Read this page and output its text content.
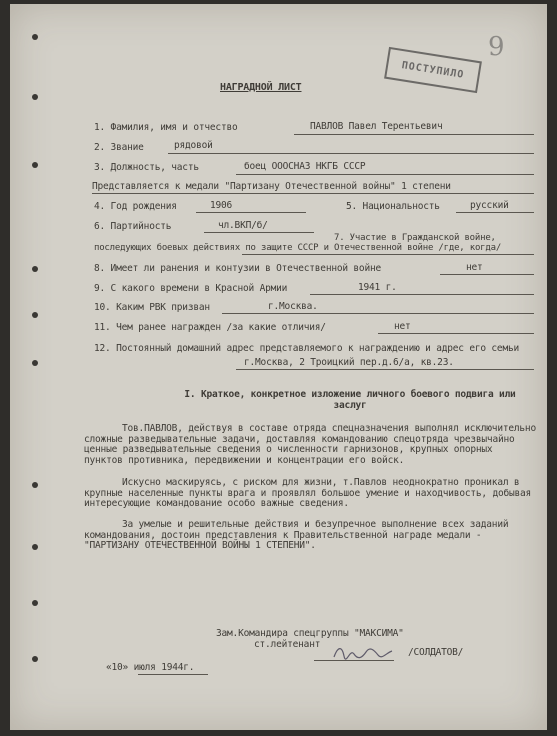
9
ПОСТУПИЛО
НАГРАДНОЙ ЛИСТ
1. Фамилия, имя и отчество	ПАВЛОВ Павел Терентьевич
2. Звание	рядовой
3. Должность, часть	боец ОООСНАЗ НКГБ СССР
Представляется к медали "Партизану Отечественной войны" 1 степени
4. Год рождения	1906	5. Национальность	русский
6. Партийность	чл.ВКП/б/
7. Участие в Гражданской войне, последующих боевых действиях по защите СССР и Отечественной войне /где, когда/
8. Имеет ли ранения и контузии в Отечественной войне	нет
9. С какого времени в Красной Армии	1941 г.
10. Каким РВК призван	г.Москва.
11. Чем ранее награжден /за какие отличия/	нет
12. Постоянный домашний адрес представляемого к награждению и адрес его семьи
г.Москва, 2 Троицкий пер.д.6/а, кв.23.
I. Краткое, конкретное изложение личного боевого подвига или заслуг
Тов.ПАВЛОВ, действуя в составе отряда спецназначения выполнял исключительно сложные разведывательные задачи, доставляя командованию спецотряда чрезвычайно ценные разведывательные сведения о численности гарнизонов, крупных опорных пунктов противника, передвижении и концентрации его войск.
Искусно маскируясь, с риском для жизни, т.Павлов неоднократно проникал в крупные населенные пункты врага и проявлял большое умение и находчивость, добывая интересующие командование особо важные сведения.
За умелые и решительные действия и безупречное выполнение всех заданий командования, достоин представления к Правительственной награде медали - "ПАРТИЗАНУ ОТЕЧЕСТВЕННОЙ ВОЙНЫ 1 СТЕПЕНИ".
Зам.Командира спецгруппы "МАКСИМА"
ст.лейтенант
/СОЛДАТОВ/
«10» июля 1944г.
